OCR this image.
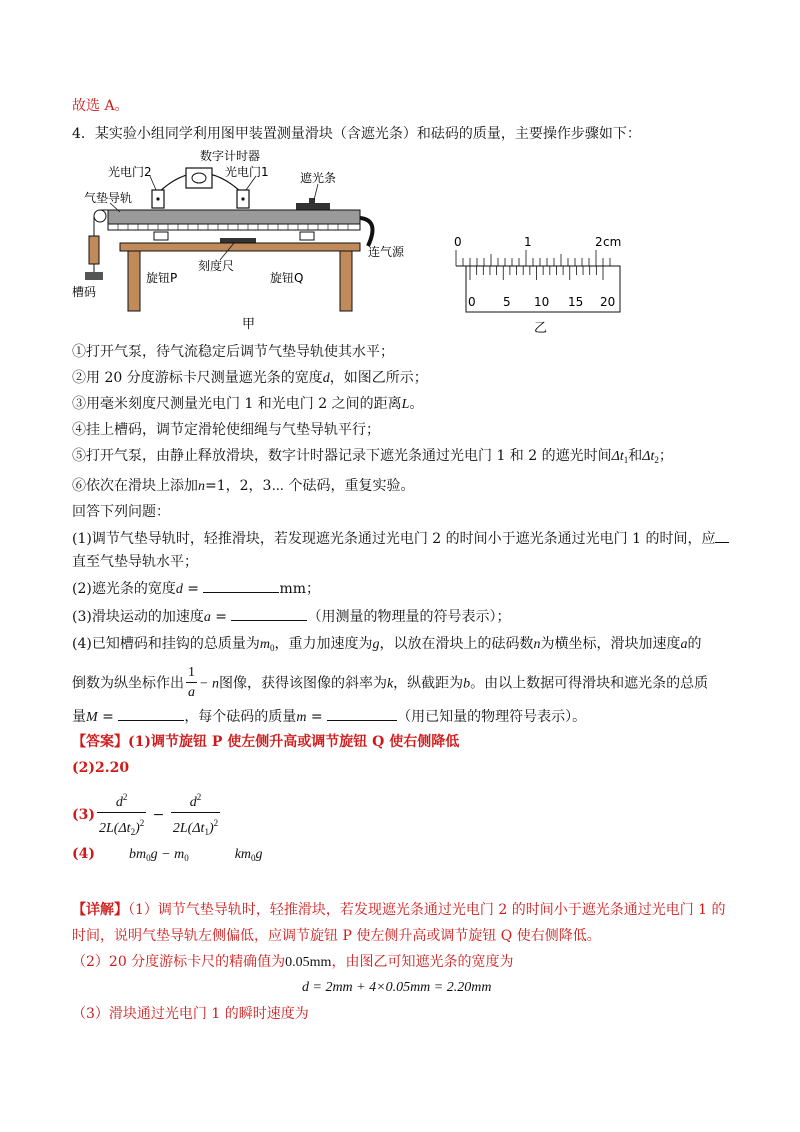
故选 A。
4．某实验小组同学利用图甲装置测量滑块（含遮光条）和砝码的质量，主要操作步骤如下：
数字计时器
光电门2	光电门1	遮光条
气垫导轨
旋钮P
刻度尺
旋钮Q
连气源
槽码
甲
0	1	2 cm
0 5 10 15 20
乙
①打开气泵，待气流稳定后调节气垫导轨使其水平；
②用 20 分度游标卡尺测量遮光条的宽度d，如图乙所示；
③用毫米刻度尺测量光电门 1 和光电门 2 之间的距离L。
④挂上槽码，调节定滑轮使细绳与气垫导轨平行；
⑤打开气泵，由静止释放滑块，数字计时器记录下遮光条通过光电门 1 和 2 的遮光时间$\Delta t_1$和$\Delta t_2$；
⑥依次在滑块上添加n=1，2，3⋯ 个砝码，重复实验。
回答下列问题：
(1)调节气垫导轨时，轻推滑块，若发现遮光条通过光电门 2 的时间小于遮光条通过光电门 1 的时间，应
直至气垫导轨水平；
(2)遮光条的宽度d =	mm；
(3)滑块运动的加速度a =	（用测量的物理量的符号表示）；
(4)已知槽码和挂钩的总质量为$m_0$，重力加速度为g，以放在滑块上的砝码数n为横坐标，滑块加速度a的
倒数为纵坐标作出 $\frac{1}{a} - n$图像，获得该图像的斜率为k，纵截距为b。由以上数据可得滑块和遮光条的总质
量M =	，每个砝码的质量m =	（用已知量的物理符号表示）。
【答案】(1)调节旋钮 P 使左侧升高或调节旋钮 Q 使右侧降低
(2)2.20
$(3) \frac{d^2}{2L(\Delta t_2)^2} - \frac{d^2}{2L(\Delta t_1)^2}$
(4) $bm_0g - m_0$	$km_0g$
【详解】（1）调节气垫导轨时，轻推滑块，若发现遮光条通过光电门 2 的时间小于遮光条通过光电门 1 的
时间，说明气垫导轨左侧偏低，应调节旋钮 P 使左侧升高或调节旋钮 Q 使右侧降低。
（2）20 分度游标卡尺的精确值为0.05mm，由图乙可知遮光条的宽度为
d = 2mm + 4×0.05mm = 2.20mm
（3）滑块通过光电门 1 的瞬时速度为
